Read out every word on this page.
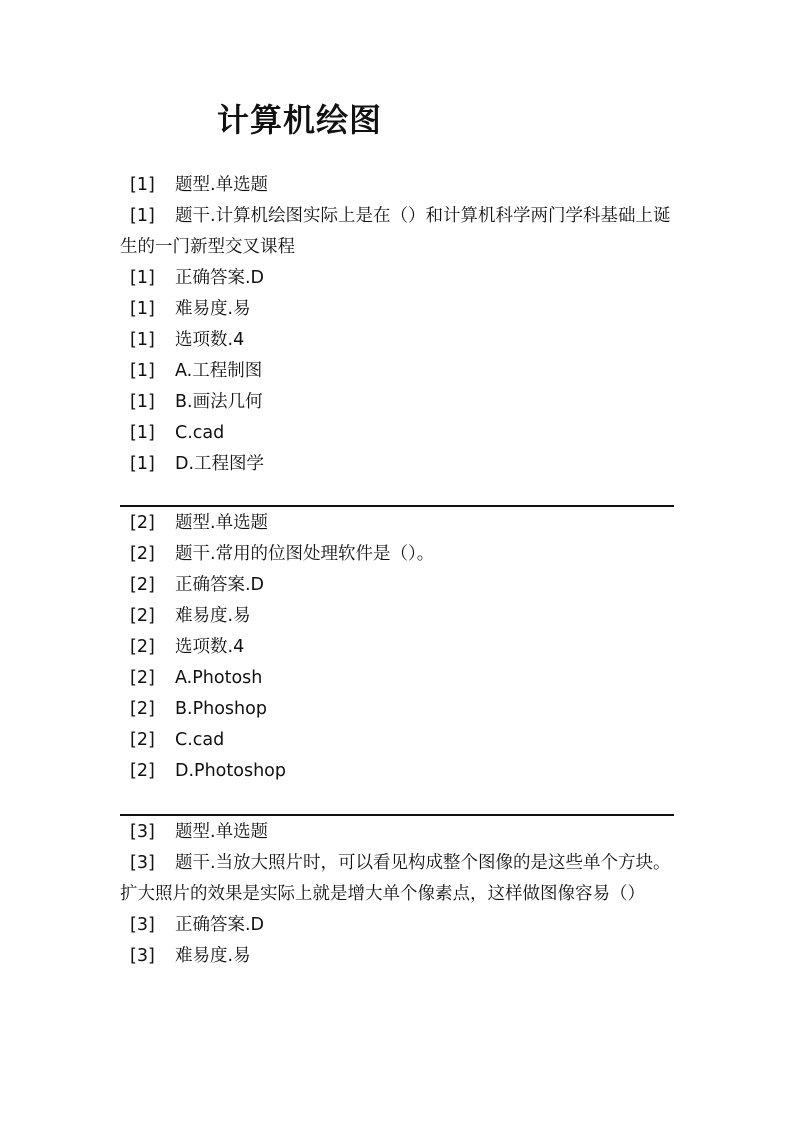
计算机绘图
[1] 题型.单选题
[1] 题干.计算机绘图实际上是在（）和计算机科学两门学科基础上诞生的一门新型交叉课程
[1] 正确答案.D
[1] 难易度.易
[1] 选项数.4
[1] A.工程制图
[1] B.画法几何
[1] C.cad
[1] D.工程图学
[2] 题型.单选题
[2] 题干.常用的位图处理软件是（）。
[2] 正确答案.D
[2] 难易度.易
[2] 选项数.4
[2] A.Photosh
[2] B.Phoshop
[2] C.cad
[2] D.Photoshop
[3] 题型.单选题
[3] 题干.当放大照片时，可以看见构成整个图像的是这些单个方块。扩大照片的效果是实际上就是增大单个像素点，这样做图像容易（）
[3] 正确答案.D
[3] 难易度.易
